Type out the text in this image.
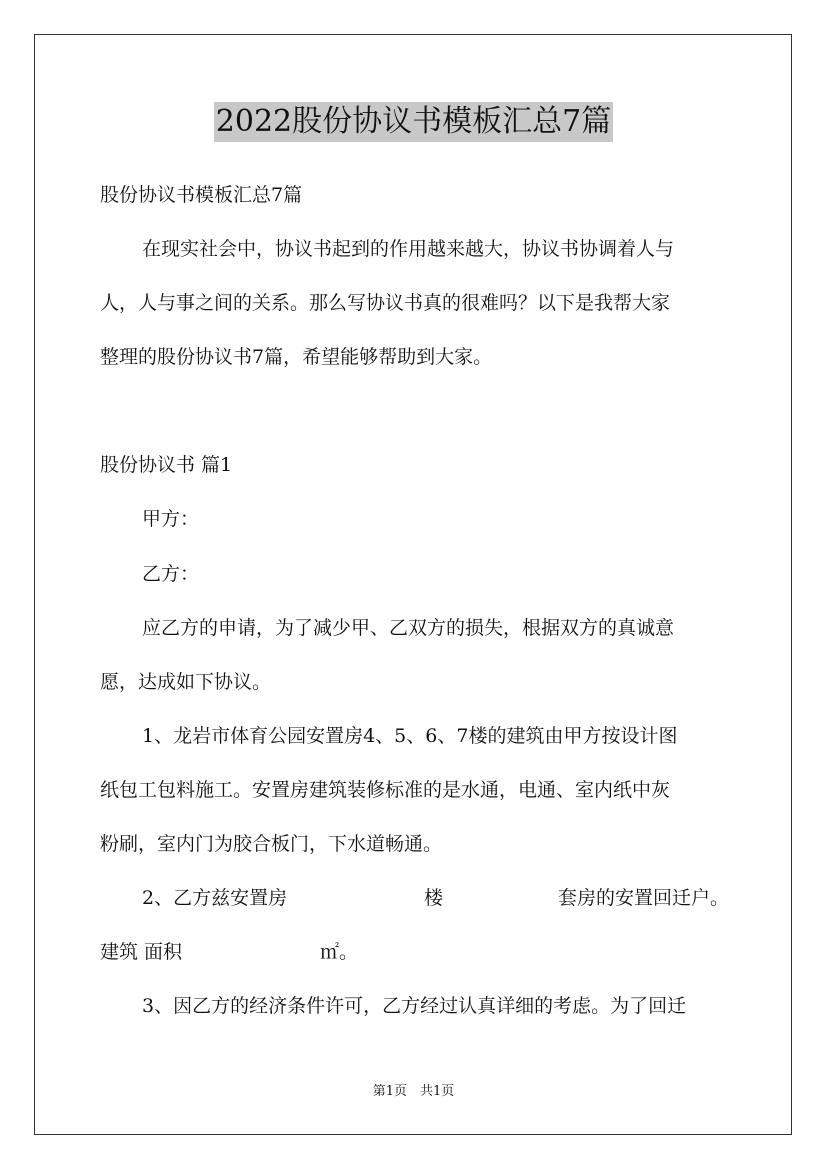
2022股份协议书模板汇总7篇
股份协议书模板汇总7篇
在现实社会中，协议书起到的作用越来越大，协议书协调着人与
人，人与事之间的关系。那么写协议书真的很难吗？以下是我帮大家
整理的股份协议书7篇，希望能够帮助到大家。
股份协议书 篇1
甲方：
乙方：
应乙方的申请，为了减少甲、乙双方的损失，根据双方的真诚意
愿，达成如下协议。
1、龙岩市体育公园安置房4、5、6、7楼的建筑由甲方按设计图
纸包工包料施工。安置房建筑装修标准的是水通，电通、室内纸中灰
粉刷，室内门为胶合板门，下水道畅通。
2、乙方兹安置房	楼	套房的安置回迁户。
建筑 面积	㎡。
3、因乙方的经济条件许可，乙方经过认真详细的考虑。为了回迁
第1页　共1页
